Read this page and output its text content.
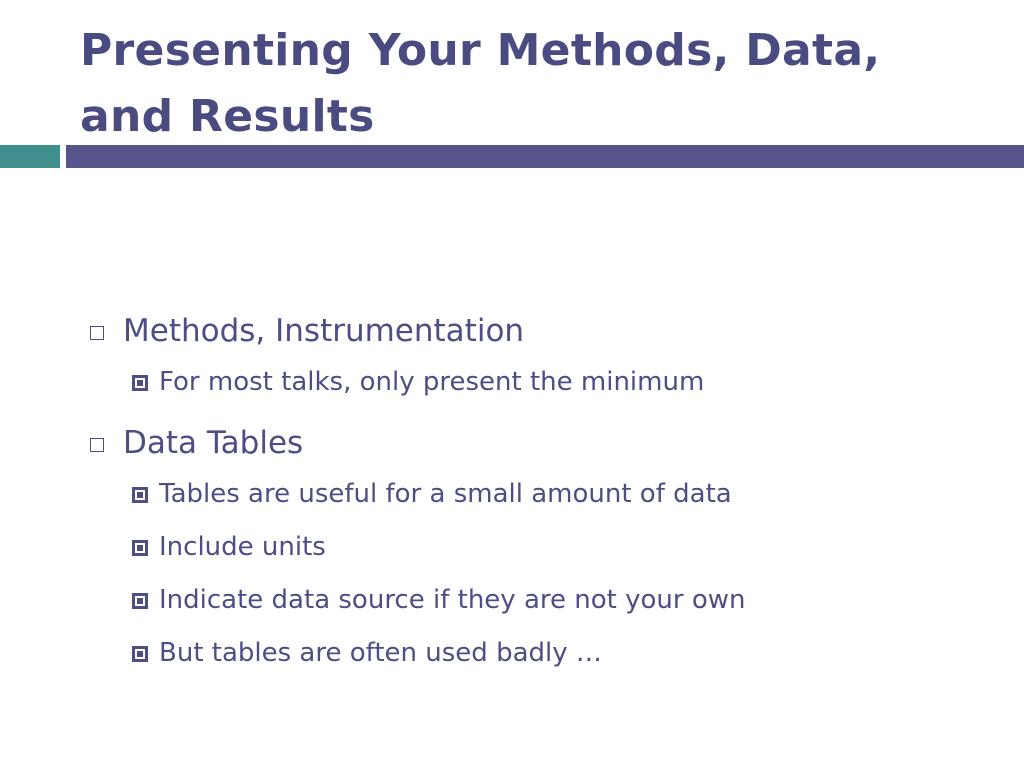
Presenting Your Methods, Data, and Results
Methods, Instrumentation
For most talks, only present the minimum
Data Tables
Tables are useful for a small amount of data
Include units
Indicate data source if they are not your own
But tables are often used badly …
